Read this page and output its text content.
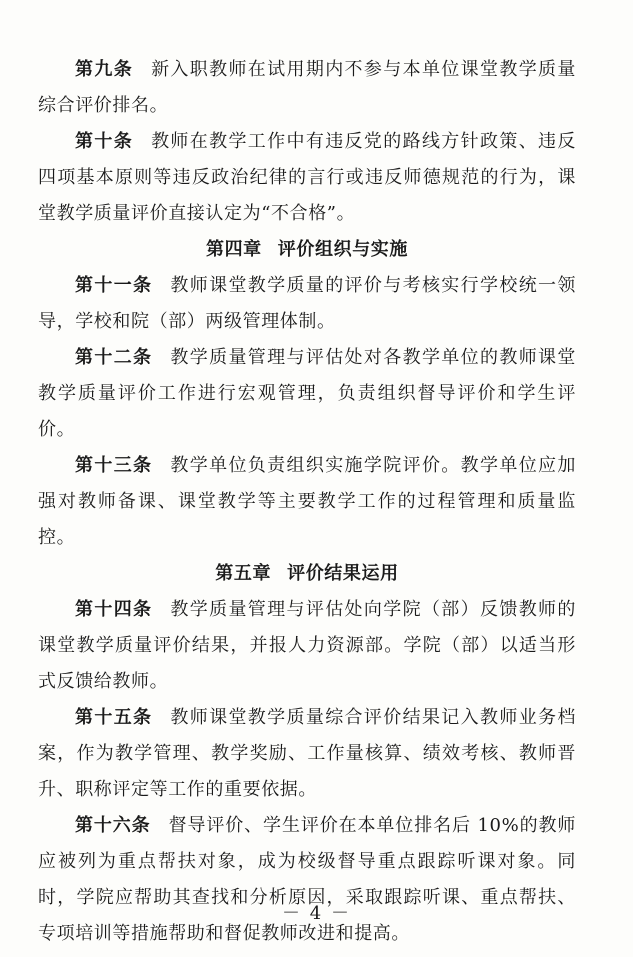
第九条 新入职教师在试用期内不参与本单位课堂教学质量综合评价排名。

第十条 教师在教学工作中有违反党的路线方针政策、违反四项基本原则等违反政治纪律的言行或违反师德规范的行为，课堂教学质量评价直接认定为“不合格”。

第四章 评价组织与实施

第十一条 教师课堂教学质量的评价与考核实行学校统一领导，学校和院（部）两级管理体制。

第十二条 教学质量管理与评估处对各教学单位的教师课堂教学质量评价工作进行宏观管理，负责组织督导评价和学生评价。

第十三条 教学单位负责组织实施学院评价。教学单位应加强对教师备课、课堂教学等主要教学工作的过程管理和质量监控。

第五章 评价结果运用

第十四条 教学质量管理与评估处向学院（部）反馈教师的课堂教学质量评价结果，并报人力资源部。学院（部）以适当形式反馈给教师。

第十五条 教师课堂教学质量综合评价结果记入教师业务档案，作为教学管理、教学奖励、工作量核算、绩效考核、教师晋升、职称评定等工作的重要依据。

第十六条 督导评价、学生评价在本单位排名后 10%的教师应被列为重点帮扶对象，成为校级督导重点跟踪听课对象。同时，学院应帮助其查找和分析原因，采取跟踪听课、重点帮扶、专项培训等措施帮助和督促教师改进和提高。

－ 4 －
